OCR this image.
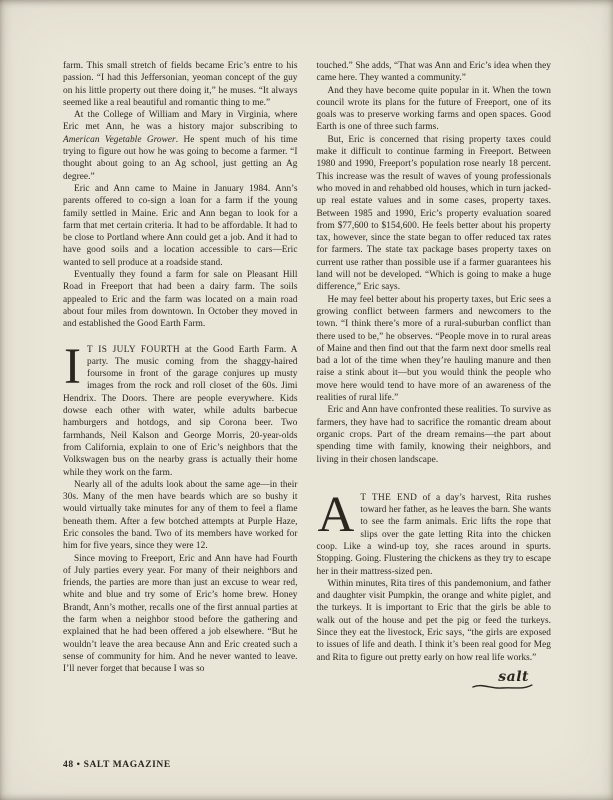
farm. This small stretch of fields became Eric’s entre to his passion. “I had this Jeffersonian, yeoman concept of the guy on his little property out there doing it,” he muses. “It always seemed like a real beautiful and romantic thing to me.”

At the College of William and Mary in Virginia, where Eric met Ann, he was a history major subscribing to American Vegetable Grower. He spent much of his time trying to figure out how he was going to become a farmer. “I thought about going to an Ag school, just getting an Ag degree.”

Eric and Ann came to Maine in January 1984. Ann’s parents offered to co-sign a loan for a farm if the young family settled in Maine. Eric and Ann began to look for a farm that met certain criteria. It had to be affordable. It had to be close to Portland where Ann could get a job. And it had to have good soils and a location accessible to cars—Eric wanted to sell produce at a roadside stand.

Eventually they found a farm for sale on Pleasant Hill Road in Freeport that had been a dairy farm. The soils appealed to Eric and the farm was located on a main road about four miles from downtown. In October they moved in and established the Good Earth Farm.

I T IS JULY FOURTH at the Good Earth Farm. A party. The music coming from the shaggy-haired foursome in front of the garage conjures up musty images from the rock and roll closet of the 60s. Jimi Hendrix. The Doors. There are people everywhere. Kids dowse each other with water, while adults barbecue hamburgers and hotdogs, and sip Corona beer. Two farmhands, Neil Kalson and George Morris, 20-year-olds from California, explain to one of Eric’s neighbors that the Volkswagen bus on the nearby grass is actually their home while they work on the farm.

Nearly all of the adults look about the same age—in their 30s. Many of the men have beards which are so bushy it would virtually take minutes for any of them to feel a flame beneath them. After a few botched attempts at Purple Haze, Eric consoles the band. Two of its members have worked for him for five years, since they were 12.

Since moving to Freeport, Eric and Ann have had Fourth of July parties every year. For many of their neighbors and friends, the parties are more than just an excuse to wear red, white and blue and try some of Eric’s home brew. Honey Brandt, Ann’s mother, recalls one of the first annual parties at the farm when a neighbor stood before the gathering and explained that he had been offered a job elsewhere. “But he wouldn’t leave the area because Ann and Eric created such a sense of community for him. And he never wanted to leave. I’ll never forget that because I was so

touched.” She adds, “That was Ann and Eric’s idea when they came here. They wanted a community.”

And they have become quite popular in it. When the town council wrote its plans for the future of Freeport, one of its goals was to preserve working farms and open spaces. Good Earth is one of three such farms.

But, Eric is concerned that rising property taxes could make it difficult to continue farming in Freeport. Between 1980 and 1990, Freeport’s population rose nearly 18 percent. This increase was the result of waves of young professionals who moved in and rehabbed old houses, which in turn jacked-up real estate values and in some cases, property taxes. Between 1985 and 1990, Eric’s property evaluation soared from $77,600 to $154,600. He feels better about his property tax, however, since the state began to offer reduced tax rates for farmers. The state tax package bases property taxes on current use rather than possible use if a farmer guarantees his land will not be developed. “Which is going to make a huge difference,” Eric says.

He may feel better about his property taxes, but Eric sees a growing conflict between farmers and newcomers to the town. “I think there’s more of a rural-suburban conflict than there used to be,” he observes. “People move in to rural areas of Maine and then find out that the farm next door smells real bad a lot of the time when they’re hauling manure and then raise a stink about it—but you would think the people who move here would tend to have more of an awareness of the realities of rural life.”

Eric and Ann have confronted these realities. To survive as farmers, they have had to sacrifice the romantic dream about organic crops. Part of the dream remains—the part about spending time with family, knowing their neighbors, and living in their chosen landscape.

A T THE END of a day’s harvest, Rita rushes toward her father, as he leaves the barn. She wants to see the farm animals. Eric lifts the rope that slips over the gate letting Rita into the chicken coop. Like a wind-up toy, she races around in spurts. Stopping. Going. Flustering the chickens as they try to escape her in their mattress-sized pen.

Within minutes, Rita tires of this pandemonium, and father and daughter visit Pumpkin, the orange and white piglet, and the turkeys. It is important to Eric that the girls be able to walk out of the house and pet the pig or feed the turkeys. Since they eat the livestock, Eric says, “the girls are exposed to issues of life and death. I think it’s been real good for Meg and Rita to figure out pretty early on how real life works.”

salt
48 • SALT MAGAZINE
